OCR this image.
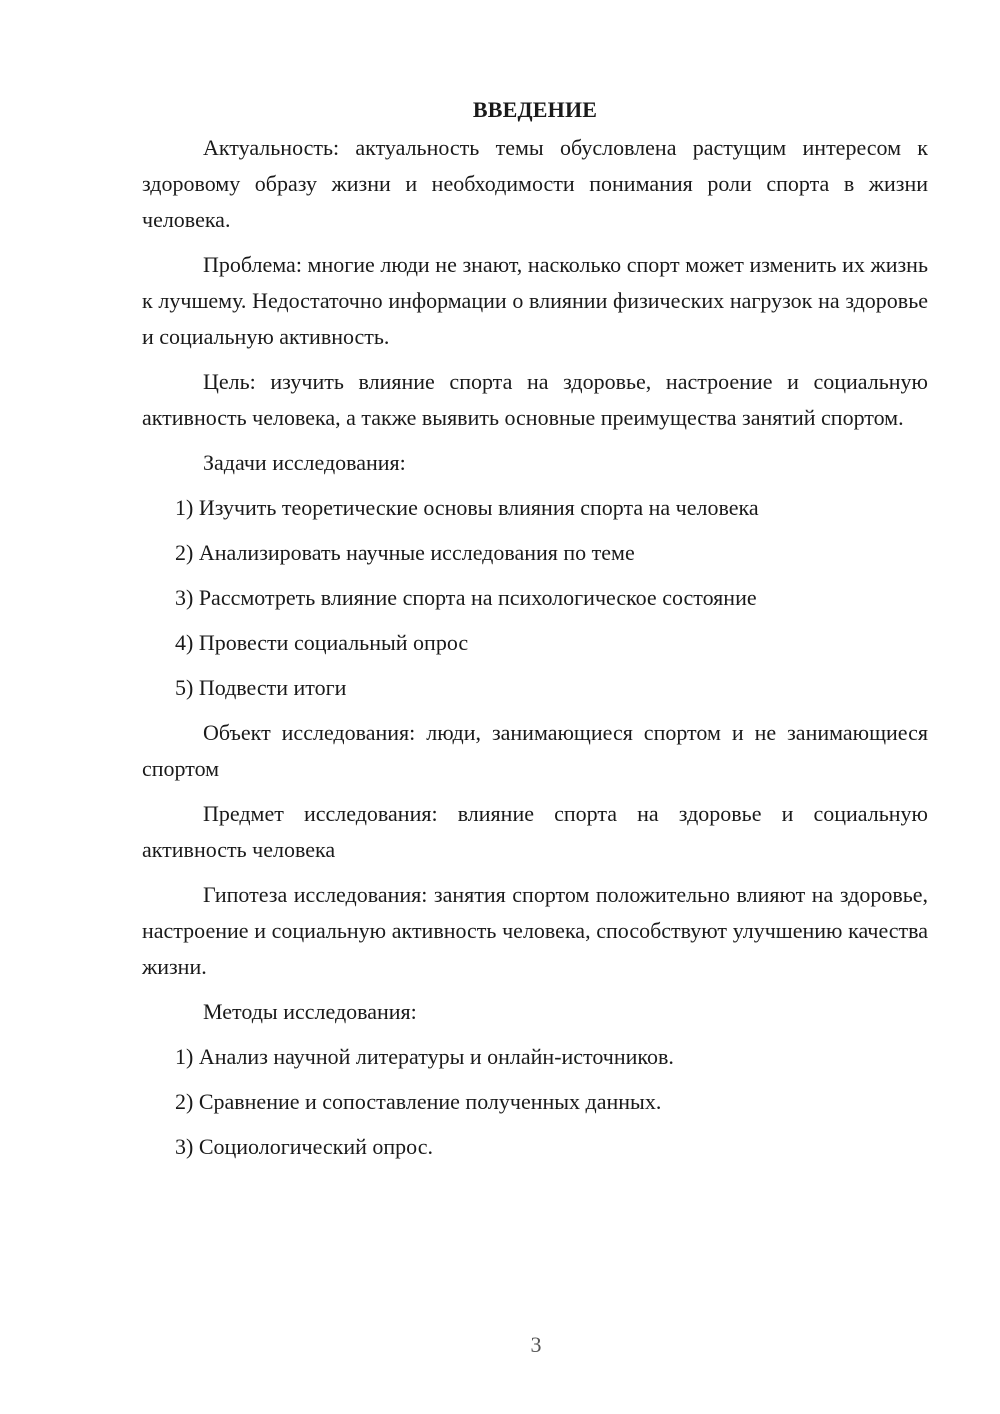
ВВЕДЕНИЕ

Актуальность: актуальность темы обусловлена растущим интересом к здоровому образу жизни и необходимости понимания роли спорта в жизни человека.

Проблема: многие люди не знают, насколько спорт может изменить их жизнь к лучшему. Недостаточно информации о влиянии физических нагрузок на здоровье и социальную активность.

Цель: изучить влияние спорта на здоровье, настроение и социальную активность человека, а также выявить основные преимущества занятий спортом.

Задачи исследования:

1) Изучить теоретические основы влияния спорта на человека
2) Анализировать научные исследования по теме
3) Рассмотреть влияние спорта на психологическое состояние
4) Провести социальный опрос
5) Подвести итоги

Объект исследования: люди, занимающиеся спортом и не занимающиеся спортом

Предмет исследования: влияние спорта на здоровье и социальную активность человека

Гипотеза исследования: занятия спортом положительно влияют на здоровье, настроение и социальную активность человека, способствуют улучшению качества жизни.

Методы исследования:

1) Анализ научной литературы и онлайн-источников.
2) Сравнение и сопоставление полученных данных.
3) Социологический опрос.
3
